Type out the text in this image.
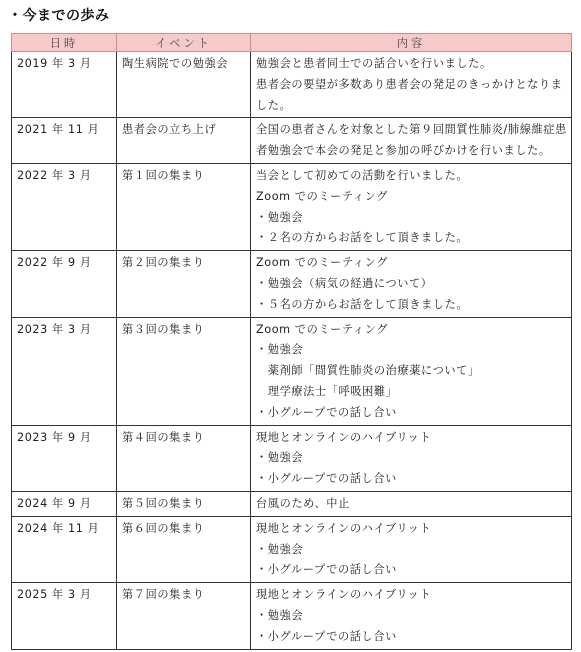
・今までの歩み
日時	イベント	内容
2019 年 3 月	陶生病院での勉強会	勉強会と患者同士での話合いを行いました。
患者会の要望が多数あり患者会の発足のきっかけとなりました。

2021 年 11 月	患者会の立ち上げ	全国の患者さんを対象とした第９回間質性肺炎/肺線維症患者勉強会で本会の発足と参加の呼びかけを行いました。

2022 年 3 月	第１回の集まり	当会として初めての活動を行いました。
Zoom でのミーティング
・勉強会
・２名の方からお話をして頂きました。

2022 年 9 月	第２回の集まり	Zoom でのミーティング
・勉強会（病気の経過について）
・５名の方からお話をして頂きました。

2023 年 3 月	第３回の集まり	Zoom でのミーティング
・勉強会
　薬剤師「間質性肺炎の治療薬について」
　理学療法士「呼吸困難」
・小グループでの話し合い

2023 年 9 月	第４回の集まり	現地とオンラインのハイブリット
・勉強会
・小グループでの話し合い

2024 年 9 月	第５回の集まり	台風のため、中止

2024 年 11 月	第６回の集まり	現地とオンラインのハイブリット
・勉強会
・小グループでの話し合い

2025 年 3 月	第７回の集まり	現地とオンラインのハイブリット
・勉強会
・小グループでの話し合い
